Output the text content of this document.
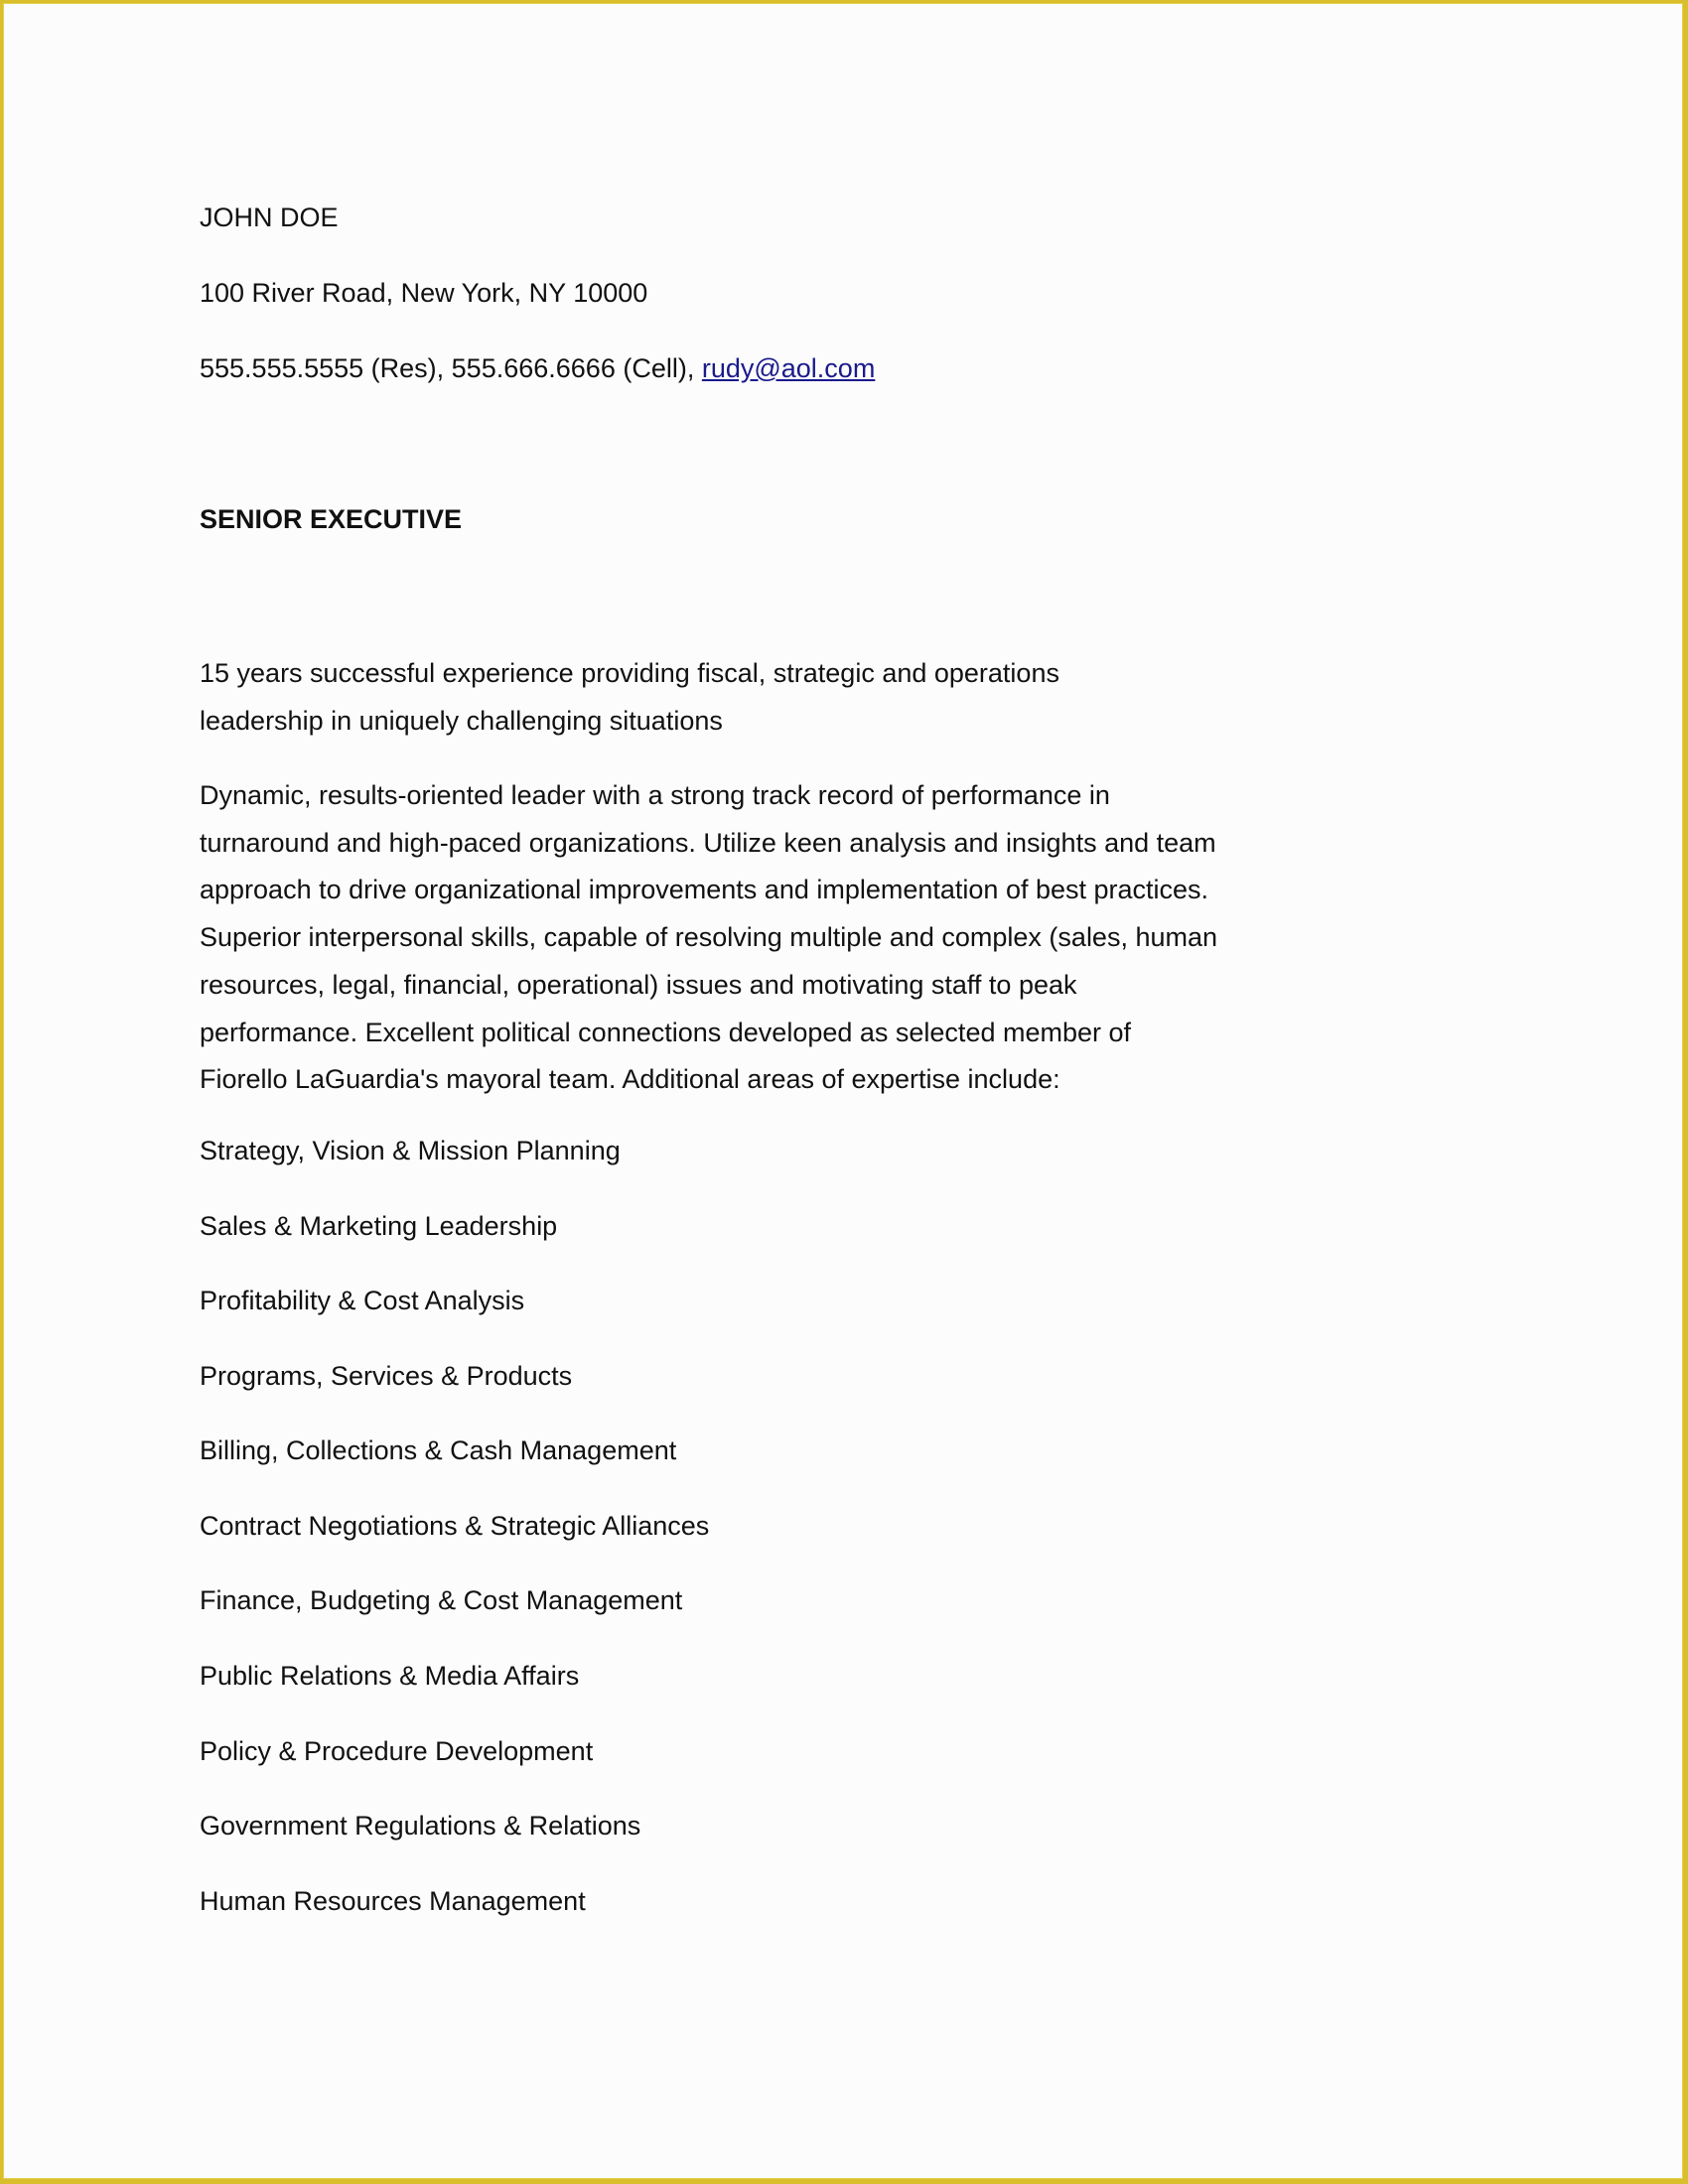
JOHN DOE

100 River Road, New York, NY 10000

555.555.5555 (Res), 555.666.6666 (Cell), rudy@aol.com

SENIOR EXECUTIVE

15 years successful experience providing fiscal, strategic and operations leadership in uniquely challenging situations

Dynamic, results-oriented leader with a strong track record of performance in turnaround and high-paced organizations. Utilize keen analysis and insights and team approach to drive organizational improvements and implementation of best practices. Superior interpersonal skills, capable of resolving multiple and complex (sales, human resources, legal, financial, operational) issues and motivating staff to peak performance. Excellent political connections developed as selected member of Fiorello LaGuardia's mayoral team. Additional areas of expertise include:

Strategy, Vision & Mission Planning
Sales & Marketing Leadership
Profitability & Cost Analysis
Programs, Services & Products
Billing, Collections & Cash Management
Contract Negotiations & Strategic Alliances
Finance, Budgeting & Cost Management
Public Relations & Media Affairs
Policy & Procedure Development
Government Regulations & Relations
Human Resources Management
